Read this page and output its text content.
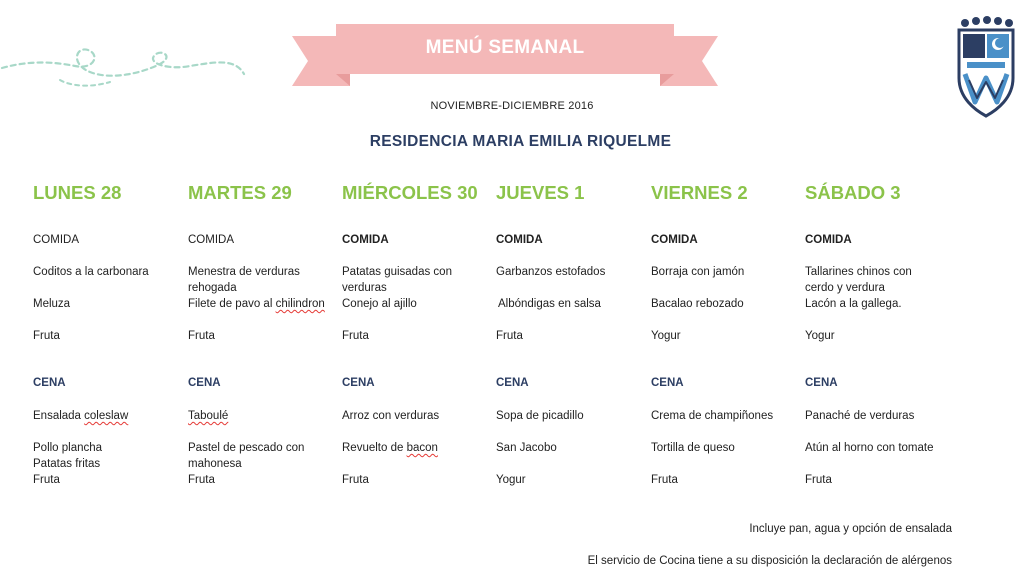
MENÚ SEMANAL
NOVIEMBRE-DICIEMBRE 2016
RESIDENCIA MARIA EMILIA RIQUELME
LUNES 28
COMIDA
Coditos a la carbonara
Meluza
Fruta
CENA
Ensalada coleslaw
Pollo plancha
Patatas fritas
Fruta
MARTES 29
COMIDA
Menestra de verduras rehogada
Filete de pavo al chilindron
Fruta
CENA
Taboulé
Pastel de pescado con mahonesa
Fruta
MIÉRCOLES 30
COMIDA
Patatas guisadas con verduras
Conejo al ajillo
Fruta
CENA
Arroz con verduras
Revuelto de bacon
Fruta
JUEVES 1
COMIDA
Garbanzos estofados
Albóndigas en salsa
Fruta
CENA
Sopa de picadillo
San Jacobo
Yogur
VIERNES 2
COMIDA
Borraja con jamón
Bacalao rebozado
Yogur
CENA
Crema de champiñones
Tortilla de queso
Fruta
SÁBADO 3
COMIDA
Tallarines chinos con cerdo y verdura
Lacón a la gallega.
Yogur
CENA
Panaché de verduras
Atún al horno con tomate
Fruta
Incluye pan, agua y opción de ensalada
El servicio de Cocina tiene a su disposición la declaración de alérgenos
